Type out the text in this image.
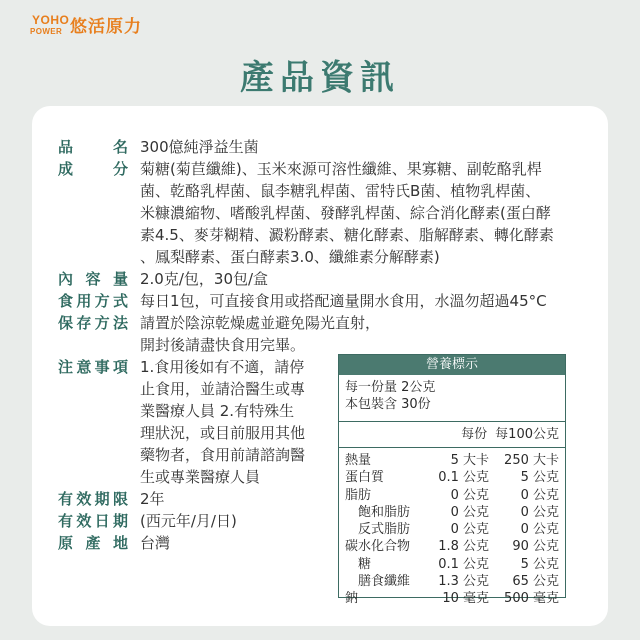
YOHO
POWER 悠活原力
產品資訊
品	名 300億純淨益生菌
成	分 菊糖(菊苣纖維)、玉米來源可溶性纖維、果寡糖、副乾酪乳桿
菌、乾酪乳桿菌、鼠李糖乳桿菌、雷特氏B菌、植物乳桿菌、
米糠濃縮物、嗜酸乳桿菌、發酵乳桿菌、綜合消化酵素(蛋白酵
素4.5、麥芽糊精、澱粉酵素、糖化酵素、脂解酵素、轉化酵素
、鳳梨酵素、蛋白酵素3.0、纖維素分解酵素)
內 容 量 2.0克/包，30包/盒
食 用 方 式 每日1包，可直接食用或搭配適量開水食用，水溫勿超過45°C
保 存 方 法 請置於陰涼乾燥處並避免陽光直射，
開封後請盡快食用完畢。
注 意 事 項 1.食用後如有不適，請停
止食用，並請洽醫生或專
業醫療人員 2.有特殊生
理狀況，或目前服用其他
藥物者，食用前請諮詢醫
生或專業醫療人員
有 效 期 限 2年
有 效 日 期 (西元年/月/日)
原 產 地 台灣
營養標示
每一份量 2公克
本包裝含 30份
每份 每100公克
熱量	5 大卡	250 大卡
蛋白質	0.1 公克	5 公克
脂肪	0 公克	0 公克
　飽和脂肪	0 公克	0 公克
　反式脂肪	0 公克	0 公克
碳水化合物	1.8 公克	90 公克
　糖	0.1 公克	5 公克
　膳食纖維	1.3 公克	65 公克
鈉	10 毫克	500 毫克
